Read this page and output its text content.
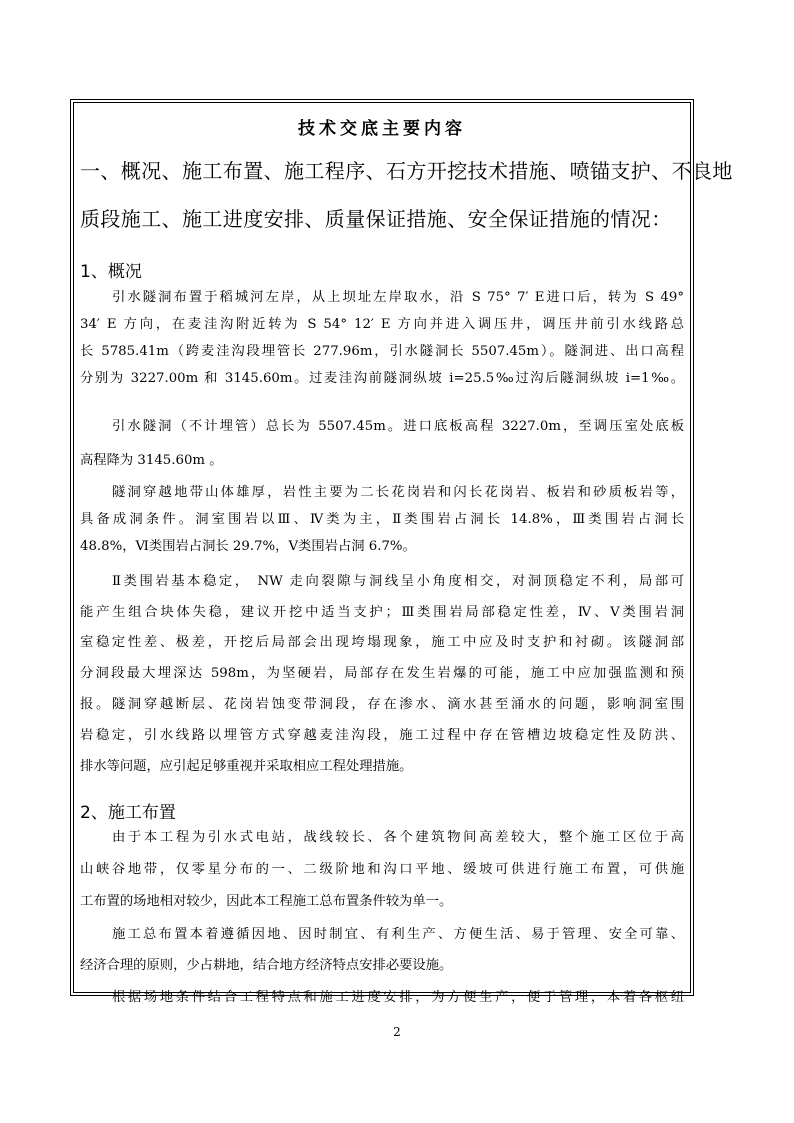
技术交底主要内容
一、概况、施工布置、施工程序、石方开挖技术措施、喷锚支护、不良地
质段施工、施工进度安排、质量保证措施、安全保证措施的情况：
1、概况
引水隧洞布置于稻城河左岸，从上坝址左岸取水，沿 S 75° 7′ E进口后，转为 S 49°
34′ E 方向，在麦洼沟附近转为 S 54° 12′ E 方向并进入调压井，调压井前引水线路总
长 5785.41m（跨麦洼沟段埋管长 277.96m，引水隧洞长 5507.45m）。隧洞进、出口高程
分别为 3227.00m 和 3145.60m。过麦洼沟前隧洞纵坡 i=25.5‰过沟后隧洞纵坡 i=1‰。
引水隧洞（不计埋管）总长为 5507.45m。进口底板高程 3227.0m，至调压室处底板
高程降为 3145.60m 。
隧洞穿越地带山体雄厚，岩性主要为二长花岗岩和闪长花岗岩、板岩和砂质板岩等，
具备成洞条件。洞室围岩以Ⅲ、Ⅳ类为主，Ⅱ类围岩占洞长 14.8%，Ⅲ类围岩占洞长
48.8%，Ⅵ类围岩占洞长 29.7%，Ⅴ类围岩占洞 6.7%。
Ⅱ类围岩基本稳定， NW 走向裂隙与洞线呈小角度相交，对洞顶稳定不利，局部可
能产生组合块体失稳，建议开挖中适当支护；Ⅲ类围岩局部稳定性差，Ⅳ、Ⅴ类围岩洞
室稳定性差、极差，开挖后局部会出现垮塌现象，施工中应及时支护和衬砌。该隧洞部
分洞段最大埋深达 598m，为坚硬岩，局部存在发生岩爆的可能，施工中应加强监测和预
报。隧洞穿越断层、花岗岩蚀变带洞段，存在渗水、滴水甚至涌水的问题，影响洞室围
岩稳定，引水线路以埋管方式穿越麦洼沟段，施工过程中存在管槽边坡稳定性及防洪、
排水等问题，应引起足够重视并采取相应工程处理措施。
2、施工布置
由于本工程为引水式电站，战线较长、各个建筑物间高差较大，整个施工区位于高
山峡谷地带，仅零星分布的一、二级阶地和沟口平地、缓坡可供进行施工布置，可供施
工布置的场地相对较少，因此本工程施工总布置条件较为单一。
施工总布置本着遵循因地、因时制宜、有利生产、方便生活、易于管理、安全可靠、
经济合理的原则，少占耕地，结合地方经济特点安排必要设施。
根据场地条件结合工程特点和施工进度安排，为方便生产，便于管理，本着各枢纽
2
